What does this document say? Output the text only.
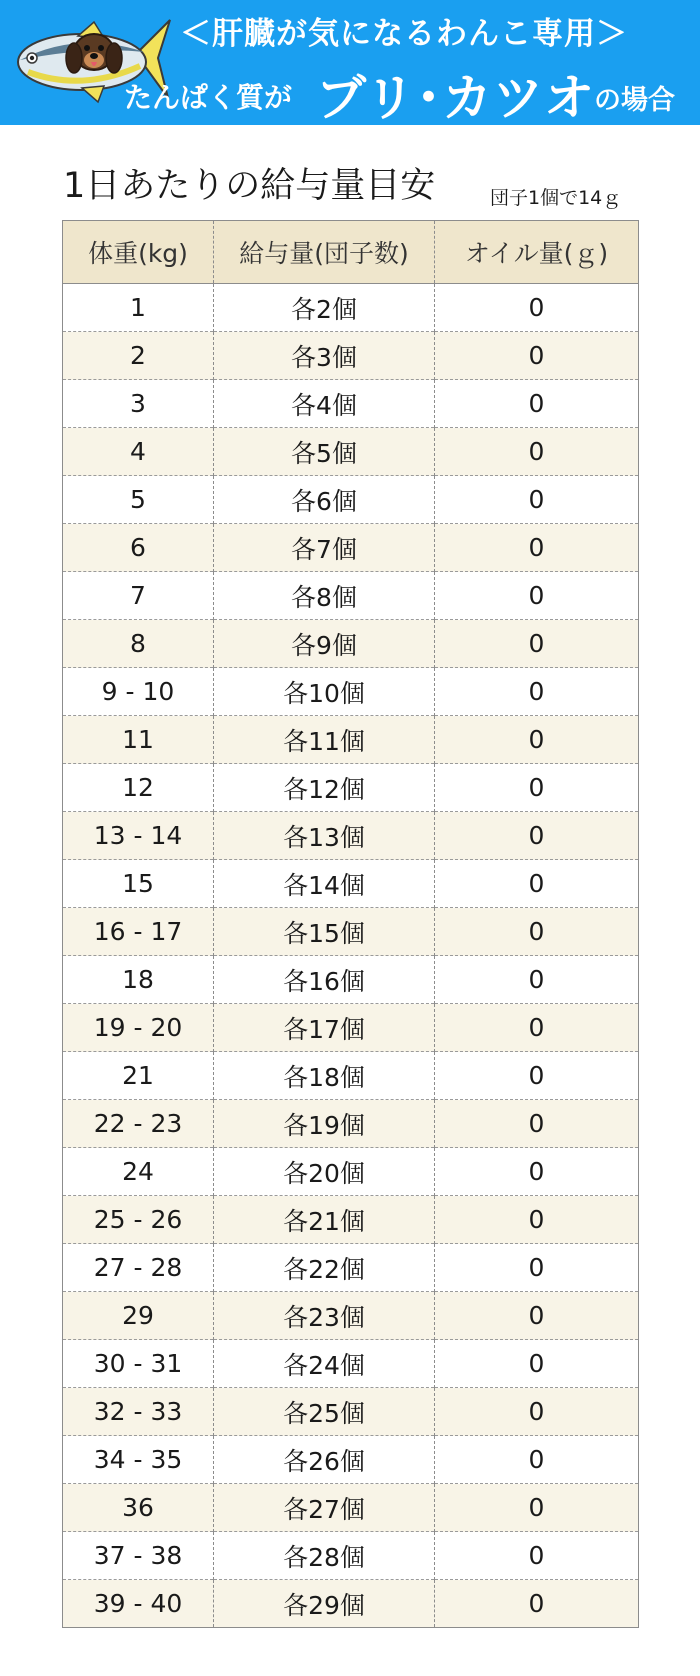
＜肝臓が気になるわんこ専用＞
たんぱく質が ブリ･カツオ の場合
1日あたりの給与量目安	団子1個で14ｇ
体重(kg)	給与量(団子数)	オイル量(ｇ)
1	各2個	0
2	各3個	0
3	各4個	0
4	各5個	0
5	各6個	0
6	各7個	0
7	各8個	0
8	各9個	0
9 - 10	各10個	0
11	各11個	0
12	各12個	0
13 - 14	各13個	0
15	各14個	0
16 - 17	各15個	0
18	各16個	0
19 - 20	各17個	0
21	各18個	0
22 - 23	各19個	0
24	各20個	0
25 - 26	各21個	0
27 - 28	各22個	0
29	各23個	0
30 - 31	各24個	0
32 - 33	各25個	0
34 - 35	各26個	0
36	各27個	0
37 - 38	各28個	0
39 - 40	各29個	0
